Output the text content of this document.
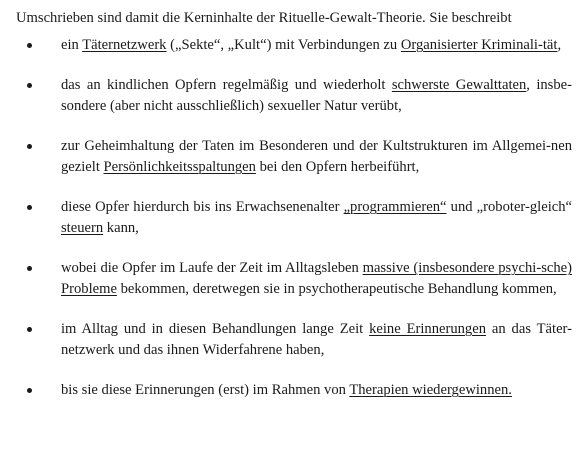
Umschrieben sind damit die Kerninhalte der Rituelle-Gewalt-Theorie. Sie beschreibt

ein Täternetzwerk („Sekte“, „Kult“) mit Verbindungen zu Organisierter Kriminali-tät,
das an kindlichen Opfern regelmäßig und wiederholt schwerste Gewalttaten, insbe-sondere (aber nicht ausschließlich) sexueller Natur verübt,
zur Geheimhaltung der Taten im Besonderen und der Kultstrukturen im Allgemei-nen gezielt Persönlichkeitsspaltungen bei den Opfern herbeiführt,
diese Opfer hierdurch bis ins Erwachsenenalter „programmieren“ und „roboter-gleich“ steuern kann,
wobei die Opfer im Laufe der Zeit im Alltagsleben massive (insbesondere psychi-sche) Probleme bekommen, deretwegen sie in psychotherapeutische Behandlung kommen,
im Alltag und in diesen Behandlungen lange Zeit keine Erinnerungen an das Täter-netzwerk und das ihnen Widerfahrene haben,
bis sie diese Erinnerungen (erst) im Rahmen von Therapien wiedergewinnen.
